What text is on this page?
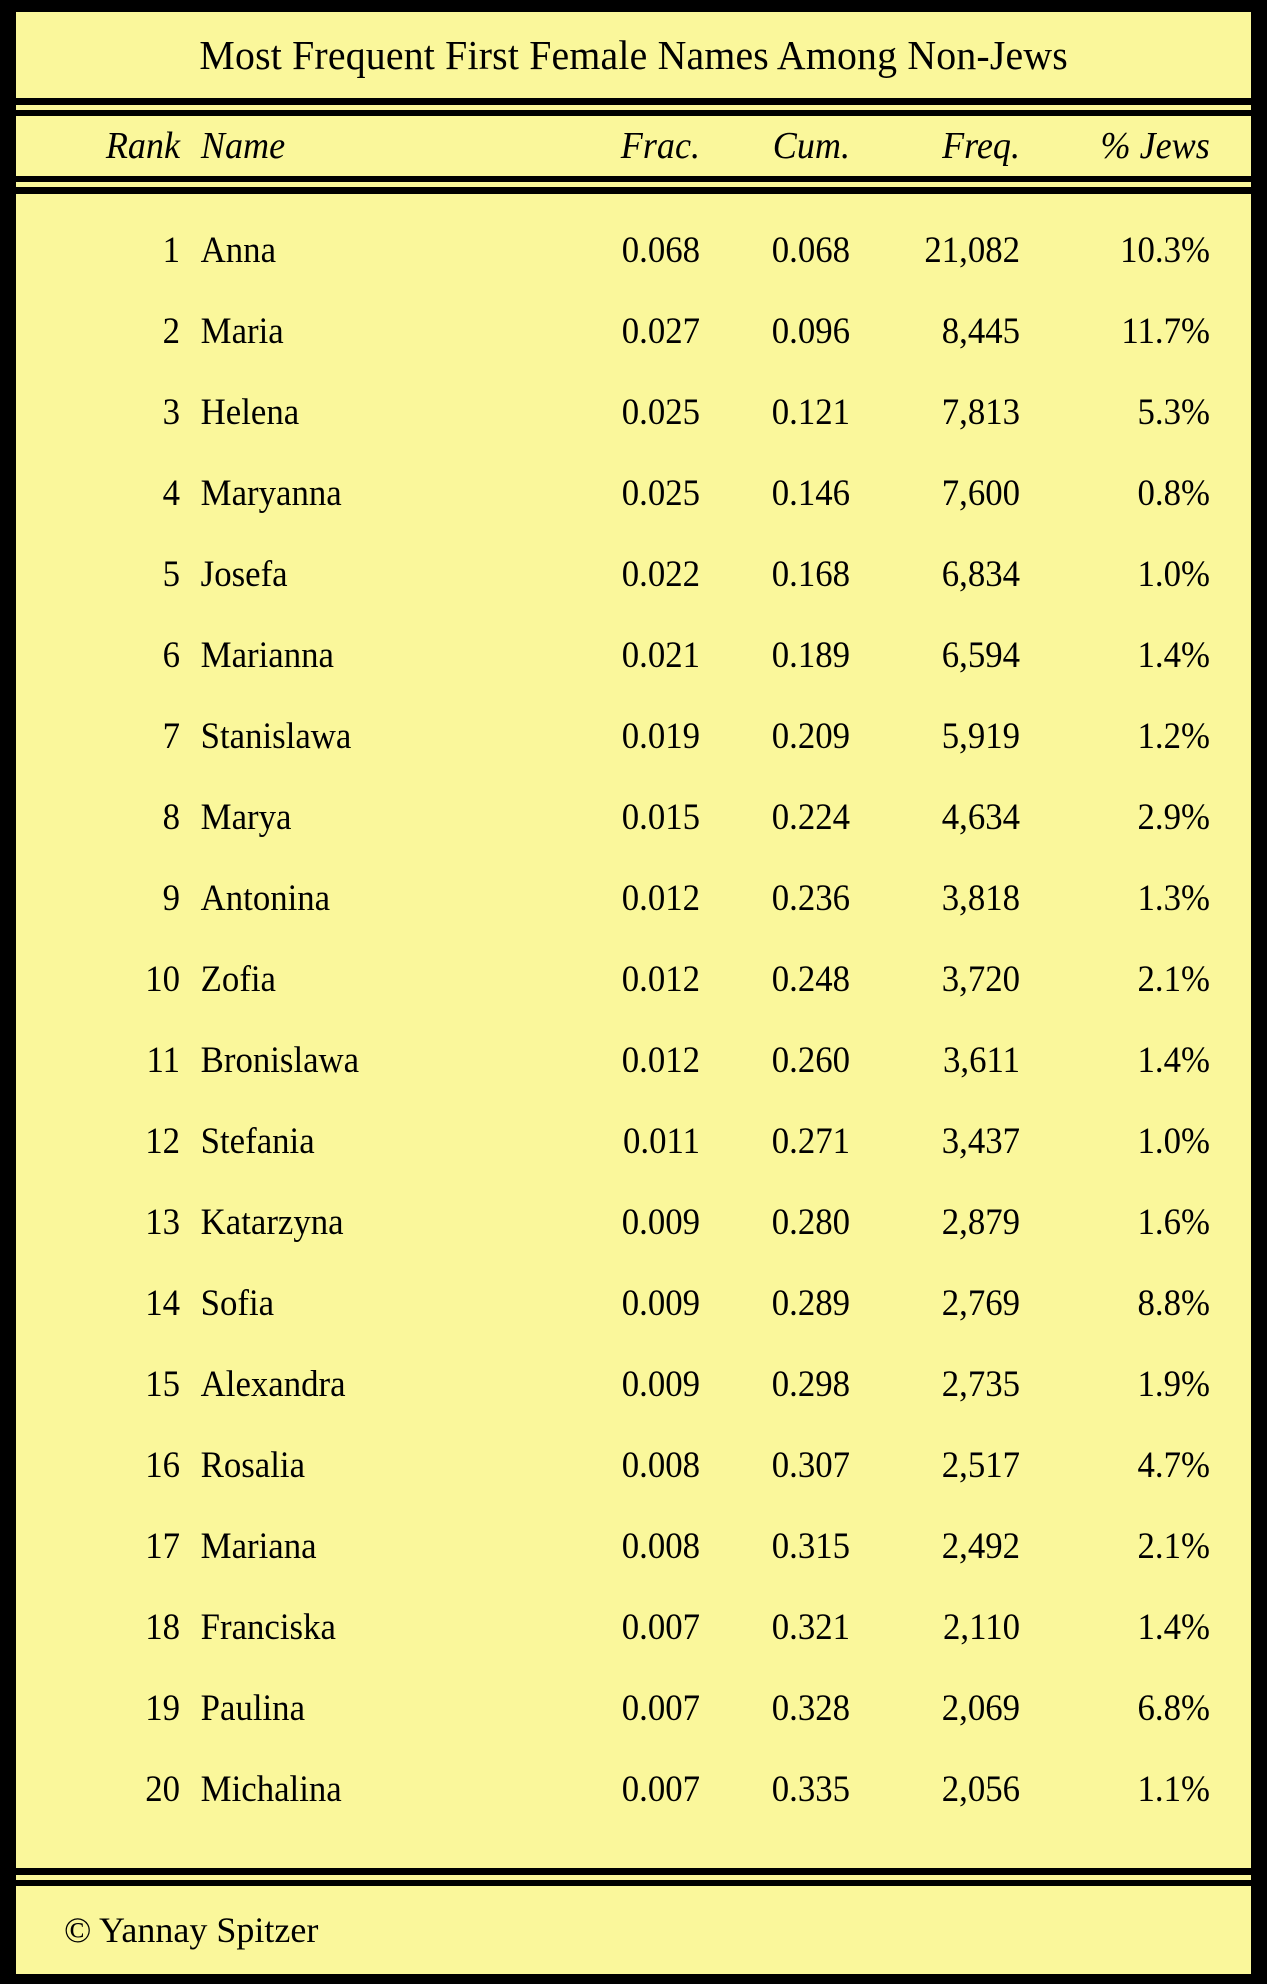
Most Frequent First Female Names Among Non-Jews
Rank Name	Frac.	Cum.	Freq.	% Jews
1 Anna	0.068	0.068	21,082	10.3%
2 Maria	0.027	0.096	8,445	11.7%
3 Helena	0.025	0.121	7,813	5.3%
4 Maryanna	0.025	0.146	7,600	0.8%
5 Josefa	0.022	0.168	6,834	1.0%
6 Marianna	0.021	0.189	6,594	1.4%
7 Stanislawa	0.019	0.209	5,919	1.2%
8 Marya	0.015	0.224	4,634	2.9%
9 Antonina	0.012	0.236	3,818	1.3%
10 Zofia	0.012	0.248	3,720	2.1%
11 Bronislawa	0.012	0.260	3,611	1.4%
12 Stefania	0.011	0.271	3,437	1.0%
13 Katarzyna	0.009	0.280	2,879	1.6%
14 Sofia	0.009	0.289	2,769	8.8%
15 Alexandra	0.009	0.298	2,735	1.9%
16 Rosalia	0.008	0.307	2,517	4.7%
17 Mariana	0.008	0.315	2,492	2.1%
18 Franciska	0.007	0.321	2,110	1.4%
19 Paulina	0.007	0.328	2,069	6.8%
20 Michalina	0.007	0.335	2,056	1.1%
© Yannay Spitzer
